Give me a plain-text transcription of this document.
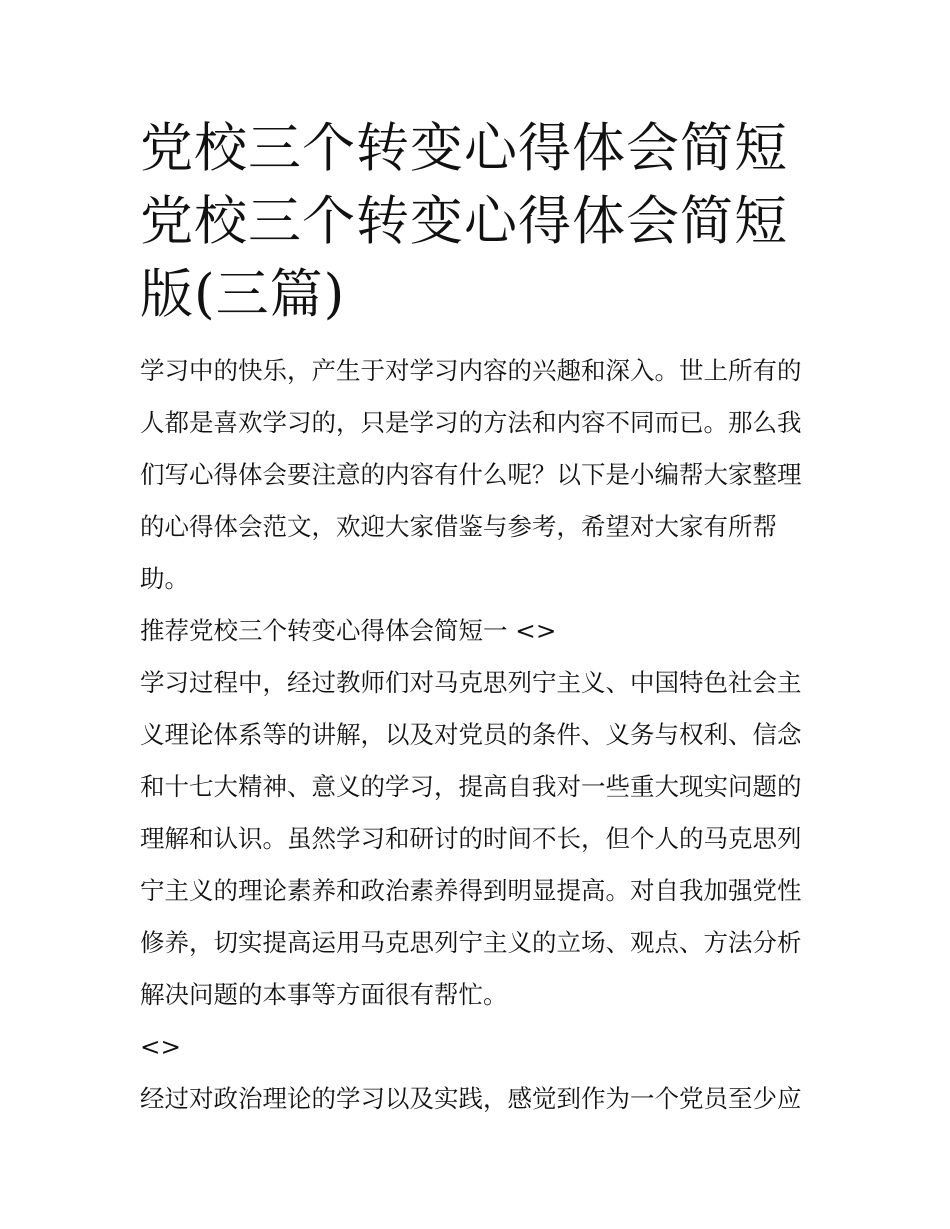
党校三个转变心得体会简短 党校三个转变心得体会简短版(三篇)

学习中的快乐，产生于对学习内容的兴趣和深入。世上所有的人都是喜欢学习的，只是学习的方法和内容不同而已。那么我们写心得体会要注意的内容有什么呢？以下是小编帮大家整理的心得体会范文，欢迎大家借鉴与参考，希望对大家有所帮助。

推荐党校三个转变心得体会简短一 <>

学习过程中，经过教师们对马克思列宁主义、中国特色社会主义理论体系等的讲解，以及对党员的条件、义务与权利、信念和十七大精神、意义的学习，提高自我对一些重大现实问题的理解和认识。虽然学习和研讨的时间不长，但个人的马克思列宁主义的理论素养和政治素养得到明显提高。对自我加强党性修养，切实提高运用马克思列宁主义的立场、观点、方法分析解决问题的本事等方面很有帮忙。

<>

经过对政治理论的学习以及实践，感觉到作为一个党员至少应
